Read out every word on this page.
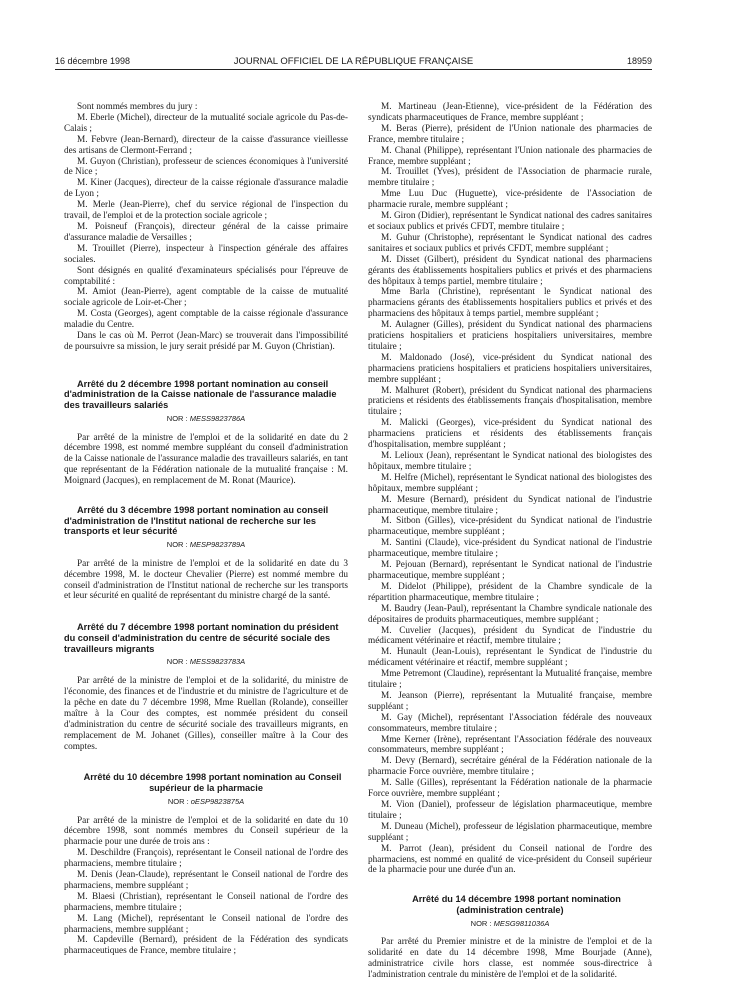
16 décembre 1998	JOURNAL OFFICIEL DE LA RÉPUBLIQUE FRANÇAISE	18959

Sont nommés membres du jury :

M. Eberle (Michel), directeur de la mutualité sociale agricole du Pas-de-Calais ;

M. Febvre (Jean-Bernard), directeur de la caisse d'assurance vieillesse des artisans de Clermont-Ferrand ;

M. Guyon (Christian), professeur de sciences économiques à l'université de Nice ;

M. Kiner (Jacques), directeur de la caisse régionale d'assurance maladie de Lyon ;

M. Merle (Jean-Pierre), chef du service régional de l'inspection du travail, de l'emploi et de la protection sociale agricole ;

M. Poisneuf (François), directeur général de la caisse primaire d'assurance maladie de Versailles ;

M. Trouillet (Pierre), inspecteur à l'inspection générale des affaires sociales.

Sont désignés en qualité d'examinateurs spécialisés pour l'épreuve de comptabilité :

M. Amiot (Jean-Pierre), agent comptable de la caisse de mutualité sociale agricole de Loir-et-Cher ;

M. Costa (Georges), agent comptable de la caisse régionale d'assurance maladie du Centre.

Dans le cas où M. Perrot (Jean-Marc) se trouverait dans l'impossibilité de poursuivre sa mission, le jury serait présidé par M. Guyon (Christian).

Arrêté du 2 décembre 1998 portant nomination au conseil d'administration de la Caisse nationale de l'assurance maladie des travailleurs salariés

NOR : MESS9823786A

Par arrêté de la ministre de l'emploi et de la solidarité en date du 2 décembre 1998, est nommé membre suppléant du conseil d'administration de la Caisse nationale de l'assurance maladie des travailleurs salariés, en tant que représentant de la Fédération nationale de la mutualité française : M. Moignard (Jacques), en remplacement de M. Ronat (Maurice).

Arrêté du 3 décembre 1998 portant nomination au conseil d'administration de l'Institut national de recherche sur les transports et leur sécurité

NOR : MESP9823789A

Par arrêté de la ministre de l'emploi et de la solidarité en date du 3 décembre 1998, M. le docteur Chevalier (Pierre) est nommé membre du conseil d'administration de l'Institut national de recherche sur les transports et leur sécurité en qualité de représentant du ministre chargé de la santé.

Arrêté du 7 décembre 1998 portant nomination du président du conseil d'administration du centre de sécurité sociale des travailleurs migrants

NOR : MESS9823783A

Par arrêté de la ministre de l'emploi et de la solidarité, du ministre de l'économie, des finances et de l'industrie et du ministre de l'agriculture et de la pêche en date du 7 décembre 1998, Mme Ruellan (Rolande), conseiller maître à la Cour des comptes, est nommée président du conseil d'administration du centre de sécurité sociale des travailleurs migrants, en remplacement de M. Johanet (Gilles), conseiller maître à la Cour des comptes.

Arrêté du 10 décembre 1998 portant nomination au Conseil supérieur de la pharmacie

NOR : oESP9823875A

Par arrêté de la ministre de l'emploi et de la solidarité en date du 10 décembre 1998, sont nommés membres du Conseil supérieur de la pharmacie pour une durée de trois ans :

M. Deschildre (François), représentant le Conseil national de l'ordre des pharmaciens, membre titulaire ;

M. Denis (Jean-Claude), représentant le Conseil national de l'ordre des pharmaciens, membre suppléant ;

M. Blaesi (Christian), représentant le Conseil national de l'ordre des pharmaciens, membre titulaire ;

M. Lang (Michel), représentant le Conseil national de l'ordre des pharmaciens, membre suppléant ;

M. Capdeville (Bernard), président de la Fédération des syndicats pharmaceutiques de France, membre titulaire ;

M. Martineau (Jean-Etienne), vice-président de la Fédération des syndicats pharmaceutiques de France, membre suppléant ;

M. Beras (Pierre), président de l'Union nationale des pharmacies de France, membre titulaire ;

M. Chanal (Philippe), représentant l'Union nationale des pharmacies de France, membre suppléant ;

M. Trouillet (Yves), président de l'Association de pharmacie rurale, membre titulaire ;

Mme Luu Duc (Huguette), vice-présidente de l'Association de pharmacie rurale, membre suppléant ;

M. Giron (Didier), représentant le Syndicat national des cadres sanitaires et sociaux publics et privés CFDT, membre titulaire ;

M. Guhur (Christophe), représentant le Syndicat national des cadres sanitaires et sociaux publics et privés CFDT, membre suppléant ;

M. Disset (Gilbert), président du Syndicat national des pharmaciens gérants des établissements hospitaliers publics et privés et des pharmaciens des hôpitaux à temps partiel, membre titulaire ;

Mme Barla (Christine), représentant le Syndicat national des pharmaciens gérants des établissements hospitaliers publics et privés et des pharmaciens des hôpitaux à temps partiel, membre suppléant ;

M. Aulagner (Gilles), président du Syndicat national des pharmaciens praticiens hospitaliers et praticiens hospitaliers universitaires, membre titulaire ;

M. Maldonado (José), vice-président du Syndicat national des pharmaciens praticiens hospitaliers et praticiens hospitaliers universitaires, membre suppléant ;

M. Malhuret (Robert), président du Syndicat national des pharmaciens praticiens et résidents des établissements français d'hospitalisation, membre titulaire ;

M. Malicki (Georges), vice-président du Syndicat national des pharmaciens praticiens et résidents des établissements français d'hospitalisation, membre suppléant ;

M. Lelioux (Jean), représentant le Syndicat national des biologistes des hôpitaux, membre titulaire ;

M. Helfre (Michel), représentant le Syndicat national des biologistes des hôpitaux, membre suppléant ;

M. Mesure (Bernard), président du Syndicat national de l'industrie pharmaceutique, membre titulaire ;

M. Sitbon (Gilles), vice-président du Syndicat national de l'industrie pharmaceutique, membre suppléant ;

M. Santini (Claude), vice-président du Syndicat national de l'industrie pharmaceutique, membre titulaire ;

M. Pejouan (Bernard), représentant le Syndicat national de l'industrie pharmaceutique, membre suppléant ;

M. Didelot (Philippe), président de la Chambre syndicale de la répartition pharmaceutique, membre titulaire ;

M. Baudry (Jean-Paul), représentant la Chambre syndicale nationale des dépositaires de produits pharmaceutiques, membre suppléant ;

M. Cuvelier (Jacques), président du Syndicat de l'industrie du médicament vétérinaire et réactif, membre titulaire ;

M. Hunault (Jean-Louis), représentant le Syndicat de l'industrie du médicament vétérinaire et réactif, membre suppléant ;

Mme Petremont (Claudine), représentant la Mutualité française, membre titulaire ;

M. Jeanson (Pierre), représentant la Mutualité française, membre suppléant ;

M. Gay (Michel), représentant l'Association fédérale des nouveaux consommateurs, membre titulaire ;

Mme Kerner (Irène), représentant l'Association fédérale des nouveaux consommateurs, membre suppléant ;

M. Devy (Bernard), secrétaire général de la Fédération nationale de la pharmacie Force ouvrière, membre titulaire ;

M. Salle (Gilles), représentant la Fédération nationale de la pharmacie Force ouvrière, membre suppléant ;

M. Vion (Daniel), professeur de législation pharmaceutique, membre titulaire ;

M. Duneau (Michel), professeur de législation pharmaceutique, membre suppléant ;

M. Parrot (Jean), président du Conseil national de l'ordre des pharmaciens, est nommé en qualité de vice-président du Conseil supérieur de la pharmacie pour une durée d'un an.

Arrêté du 14 décembre 1998 portant nomination (administration centrale)

NOR : MESG9811036A

Par arrêté du Premier ministre et de la ministre de l'emploi et de la solidarité en date du 14 décembre 1998, Mme Bourjade (Anne), administratrice civile hors classe, est nommée sous-directrice à l'administration centrale du ministère de l'emploi et de la solidarité.
